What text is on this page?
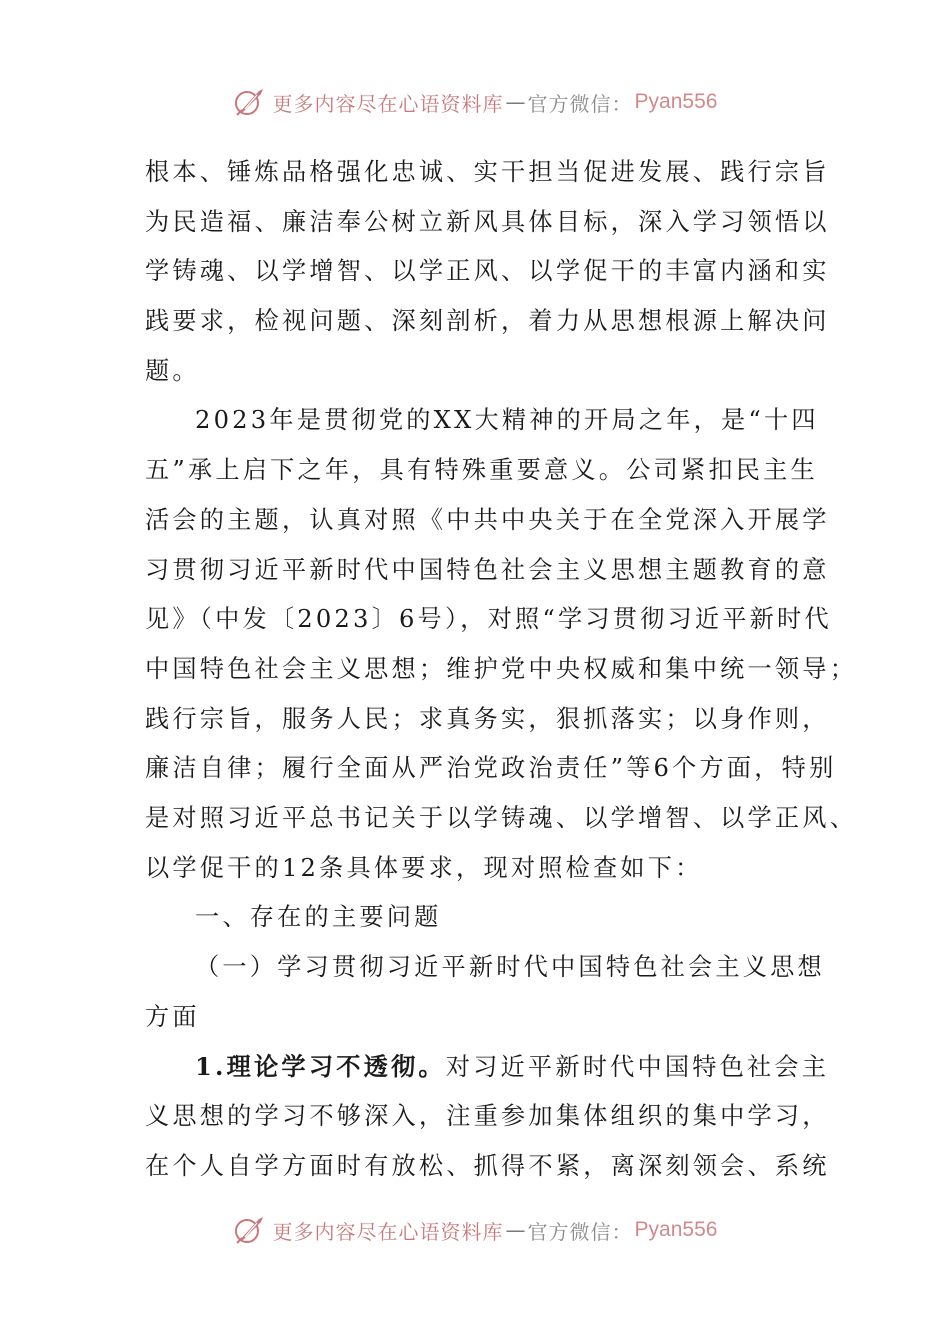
更多内容尽在心语资料库 — 官方微信： Pyan556
根本、锤炼品格强化忠诚、实干担当促进发展、践行宗旨
为民造福、廉洁奉公树立新风具体目标，深入学习领悟以
学铸魂、以学增智、以学正风、以学促干的丰富内涵和实
践要求，检视问题、深刻剖析，着力从思想根源上解决问
题。
2023年是贯彻党的XX大精神的开局之年，是“十四
五”承上启下之年，具有特殊重要意义。公司紧扣民主生
活会的主题，认真对照《中共中央关于在全党深入开展学
习贯彻习近平新时代中国特色社会主义思想主题教育的意
见》（中发〔2023〕6号），对照“学习贯彻习近平新时代
中国特色社会主义思想；维护党中央权威和集中统一领导；
践行宗旨，服务人民；求真务实，狠抓落实；以身作则，
廉洁自律；履行全面从严治党政治责任”等6个方面，特别
是对照习近平总书记关于以学铸魂、以学增智、以学正风、
以学促干的12条具体要求，现对照检查如下：
一、存在的主要问题
（一）学习贯彻习近平新时代中国特色社会主义思想
方面
1.理论学习不透彻。对习近平新时代中国特色社会主
义思想的学习不够深入，注重参加集体组织的集中学习，
在个人自学方面时有放松、抓得不紧，离深刻领会、系统
更多内容尽在心语资料库 — 官方微信： Pyan556
